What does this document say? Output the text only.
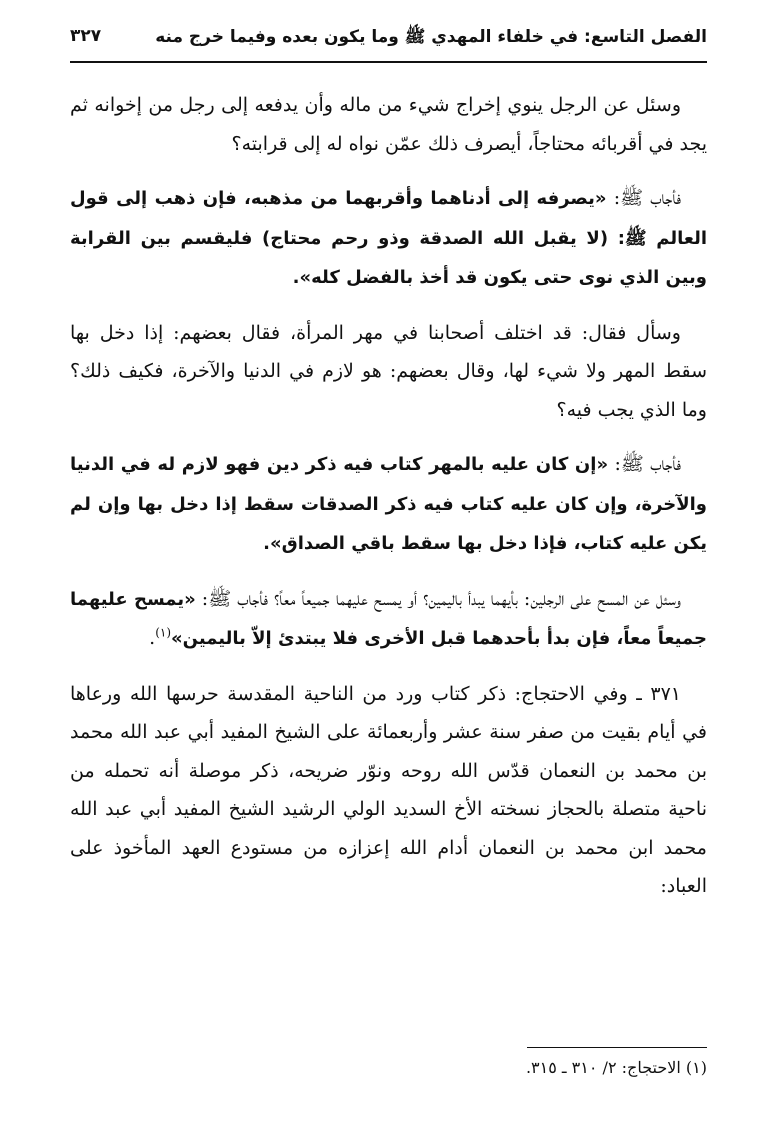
الفصل التاسع: في خلفاء المهدي ﷺ وما يكون بعده وفيما خرج منه
٣٢٧

وسئل عن الرجل ينوي إخراج شيء من ماله وأن يدفعه إلى رجل من إخوانه ثم يجد في أقربائه محتاجاً، أيصرف ذلك عمّن نواه له إلى قرابته؟

فأجاب ﷺ: «يصرفه إلى أدناهما وأقربهما من مذهبه، فإن ذهب إلى قول العالم ﷺ: (لا يقبل الله الصدقة وذو رحم محتاج) فليقسم بين القرابة وبين الذي نوى حتى يكون قد أخذ بالفضل كله».

وسأل فقال: قد اختلف أصحابنا في مهر المرأة، فقال بعضهم: إذا دخل بها سقط المهر ولا شيء لها، وقال بعضهم: هو لازم في الدنيا والآخرة، فكيف ذلك؟ وما الذي يجب فيه؟

فأجاب ﷺ: «إن كان عليه بالمهر كتاب فيه ذكر دين فهو لازم له في الدنيا والآخرة، وإن كان عليه كتاب فيه ذكر الصدقات سقط إذا دخل بها وإن لم يكن عليه كتاب، فإذا دخل بها سقط باقي الصداق».

وسئل عن المسح على الرجلين: بأيهما يبدأ باليمين؟ أو يمسح عليهما جميعاً معاً؟ فأجاب ﷺ: «يمسح عليهما جميعاً معاً، فإن بدأ بأحدهما قبل الأخرى فلا يبتدئ إلاّ باليمين»$^{(١)}$.

٣٧١ ـ وفي الاحتجاج: ذكر كتاب ورد من الناحية المقدسة حرسها الله ورعاها في أيام بقيت من صفر سنة عشر وأربعمائة على الشيخ المفيد أبي عبد الله محمد بن محمد بن النعمان قدّس الله روحه ونوّر ضريحه، ذكر موصلة أنه تحمله من ناحية متصلة بالحجاز نسخته الأخ السديد الولي الرشيد الشيخ المفيد أبي عبد الله محمد ابن محمد بن النعمان أدام الله إعزازه من مستودع العهد المأخوذ على العباد:

(١) الاحتجاج: ٢/ ٣١٠ ـ ٣١٥.
